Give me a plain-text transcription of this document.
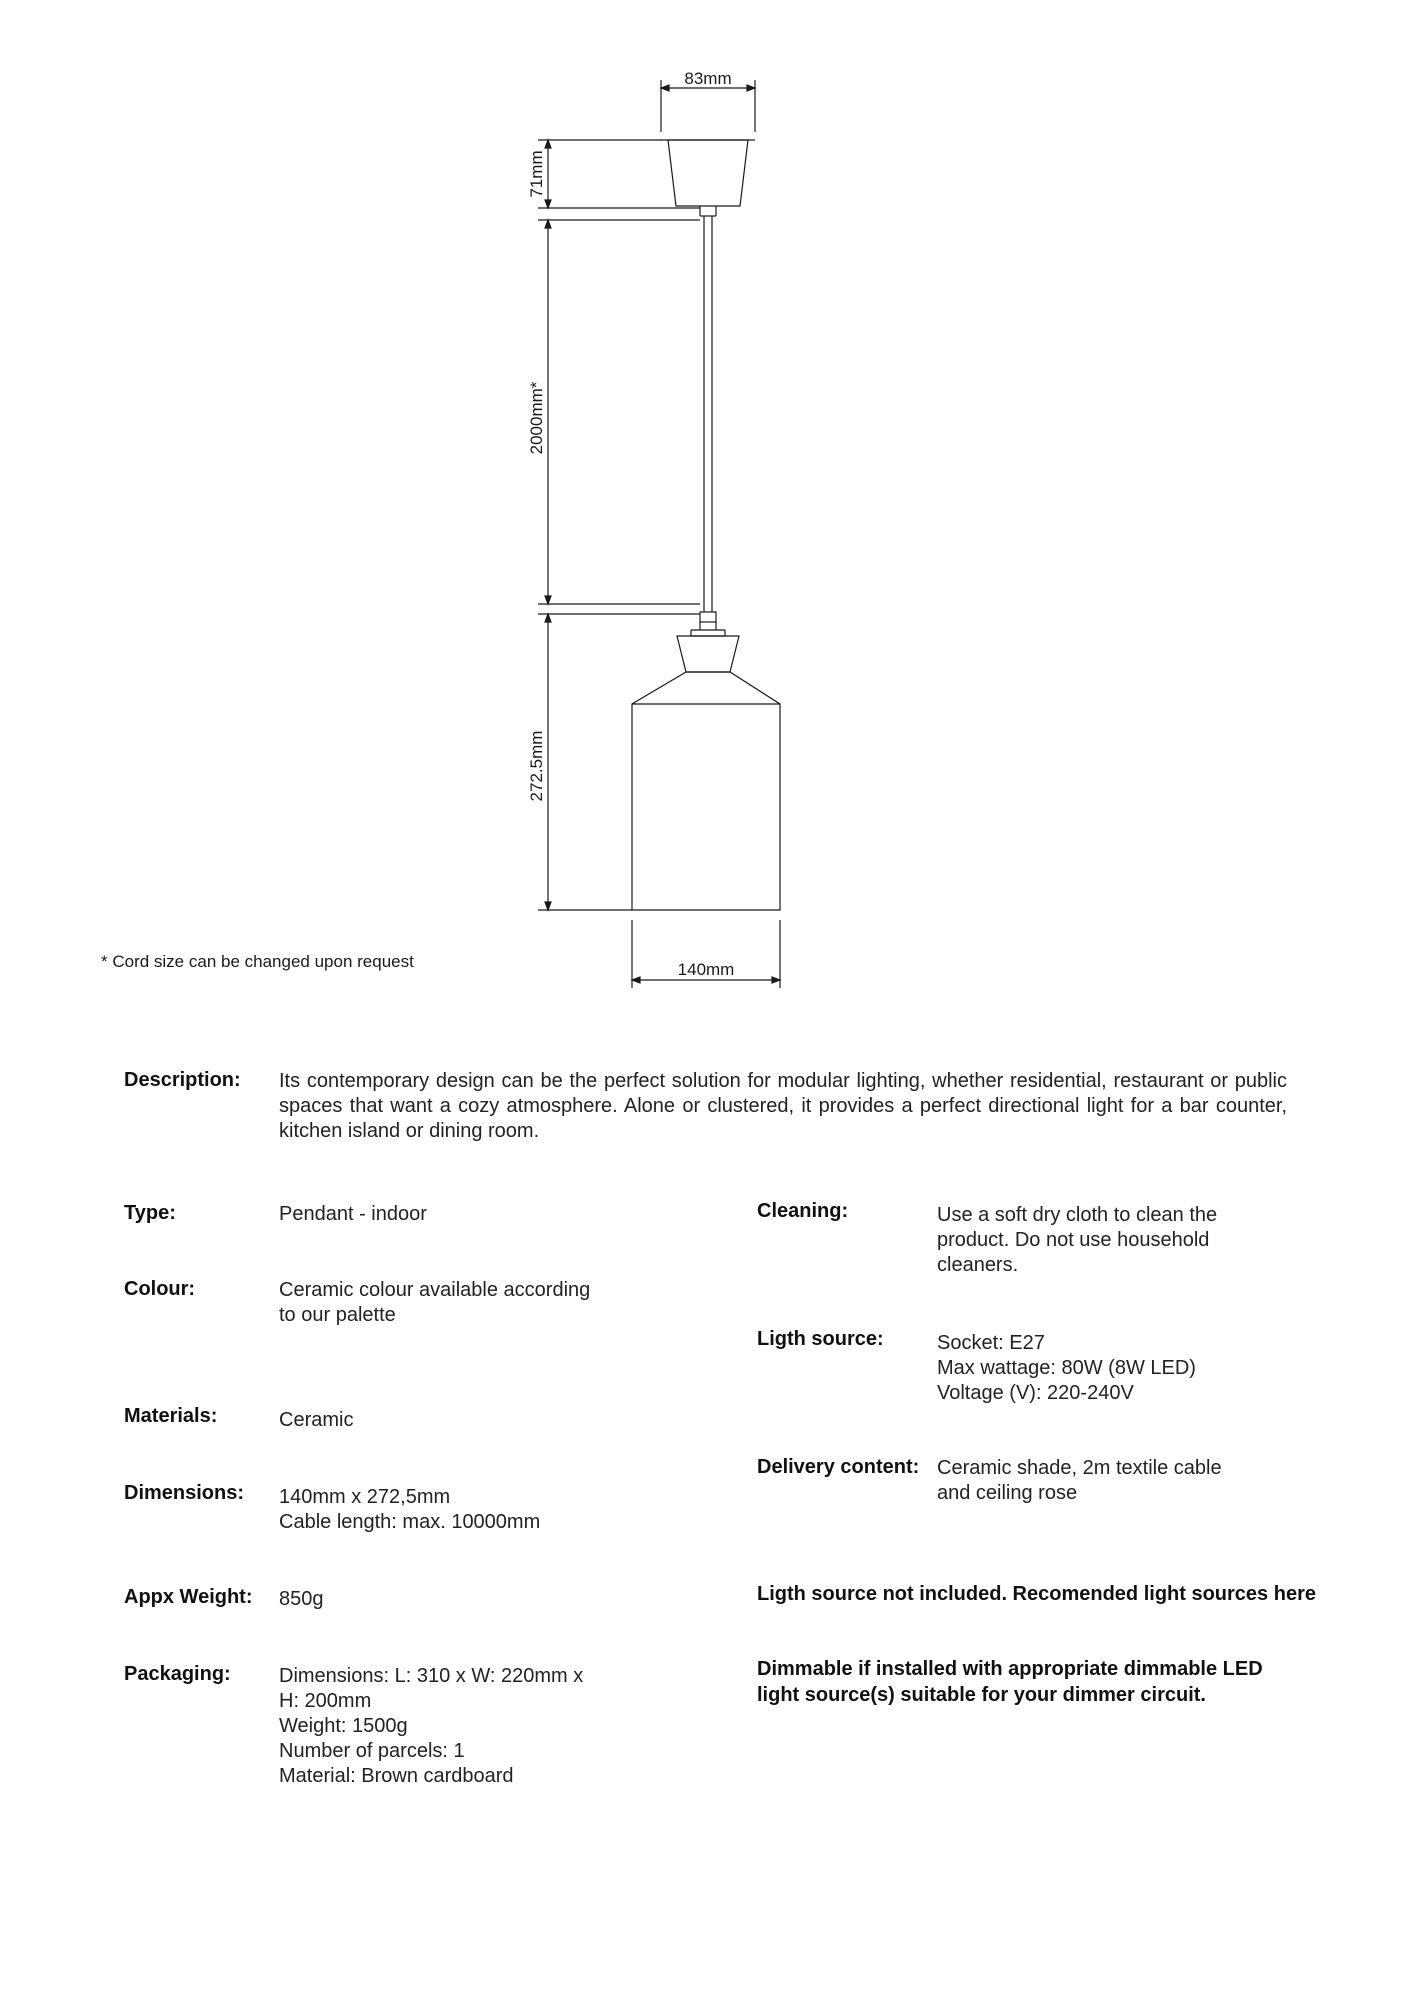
83mm
71mm
2000mm*
272.5mm
140mm
* Cord size can be changed upon request
Description: Its contemporary design can be the perfect solution for modular lighting, whether residential, restaurant or public spaces that want a cozy atmosphere. Alone or clustered, it provides a perfect directional light for a bar counter, kitchen island or dining room.
Type:	Pendant - indoor
Colour:	Ceramic colour available according
to our palette
Materials:	Ceramic
Dimensions: 140mm x 272,5mm
Cable length: max. 10000mm
Appx Weight: 850g
Packaging: Dimensions: L: 310 x W: 220mm x
H: 200mm
Weight: 1500g
Number of parcels: 1
Material: Brown cardboard
Cleaning:	Use a soft dry cloth to clean the
product. Do not use household
cleaners.
Ligth source:	Socket: E27
Max wattage: 80W (8W LED)
Voltage (V): 220-240V
Delivery content: Ceramic shade, 2m textile cable
and ceiling rose
Ligth source not included. Recomended light sources here
Dimmable if installed with appropriate dimmable LED
light source(s) suitable for your dimmer circuit.
